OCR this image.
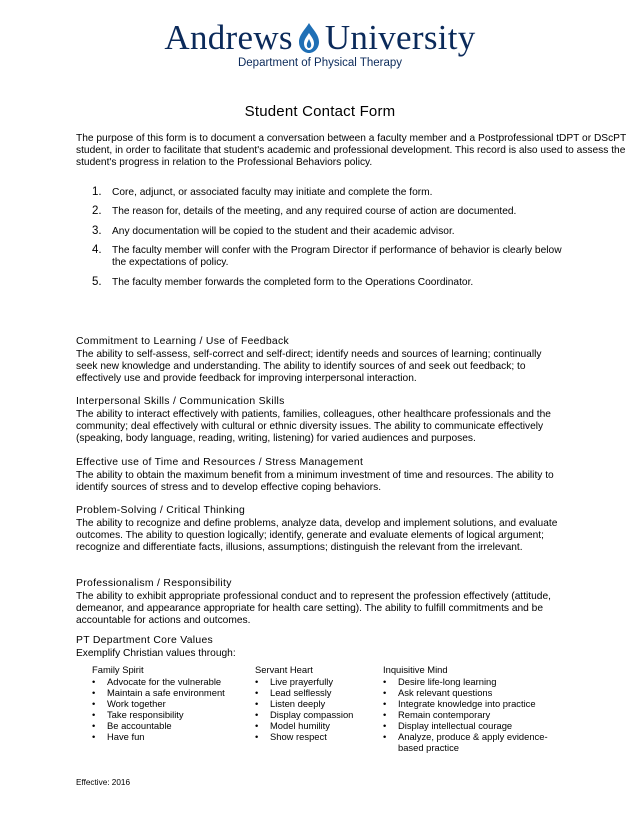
Andrews University
Department of Physical Therapy
Student Contact Form
The purpose of this form is to document a conversation between a faculty member and a Postprofessional tDPT or DScPT student, in order to facilitate that student's academic and professional development. This record is also used to assess the student's progress in relation to the Professional Behaviors policy.
1. Core, adjunct, or associated faculty may initiate and complete the form.
2. The reason for, details of the meeting, and any required course of action are documented.
3. Any documentation will be copied to the student and their academic advisor.
4. The faculty member will confer with the Program Director if performance of behavior is clearly below the expectations of policy.
5. The faculty member forwards the completed form to the Operations Coordinator.
Commitment to Learning / Use of Feedback
The ability to self-assess, self-correct and self-direct; identify needs and sources of learning; continually seek new knowledge and understanding. The ability to identify sources of and seek out feedback; to effectively use and provide feedback for improving interpersonal interaction.
Interpersonal Skills / Communication Skills
The ability to interact effectively with patients, families, colleagues, other healthcare professionals and the community; deal effectively with cultural or ethnic diversity issues. The ability to communicate effectively (speaking, body language, reading, writing, listening) for varied audiences and purposes.
Effective use of Time and Resources / Stress Management
The ability to obtain the maximum benefit from a minimum investment of time and resources. The ability to identify sources of stress and to develop effective coping behaviors.
Problem-Solving / Critical Thinking
The ability to recognize and define problems, analyze data, develop and implement solutions, and evaluate outcomes. The ability to question logically; identify, generate and evaluate elements of logical argument; recognize and differentiate facts, illusions, assumptions; distinguish the relevant from the irrelevant.
Professionalism / Responsibility
The ability to exhibit appropriate professional conduct and to represent the profession effectively (attitude, demeanor, and appearance appropriate for health care setting). The ability to fulfill commitments and be accountable for actions and outcomes.
PT Department Core Values
Exemplify Christian values through:
Family Spirit
• Advocate for the vulnerable
• Maintain a safe environment
• Work together
• Take responsibility
• Be accountable
• Have fun
Servant Heart
• Live prayerfully
• Lead selflessly
• Listen deeply
• Display compassion
• Model humility
• Show respect
Inquisitive Mind
• Desire life-long learning
• Ask relevant questions
• Integrate knowledge into practice
• Remain contemporary
• Display intellectual courage
• Analyze, produce & apply evidence-based practice
Effective: 2016
